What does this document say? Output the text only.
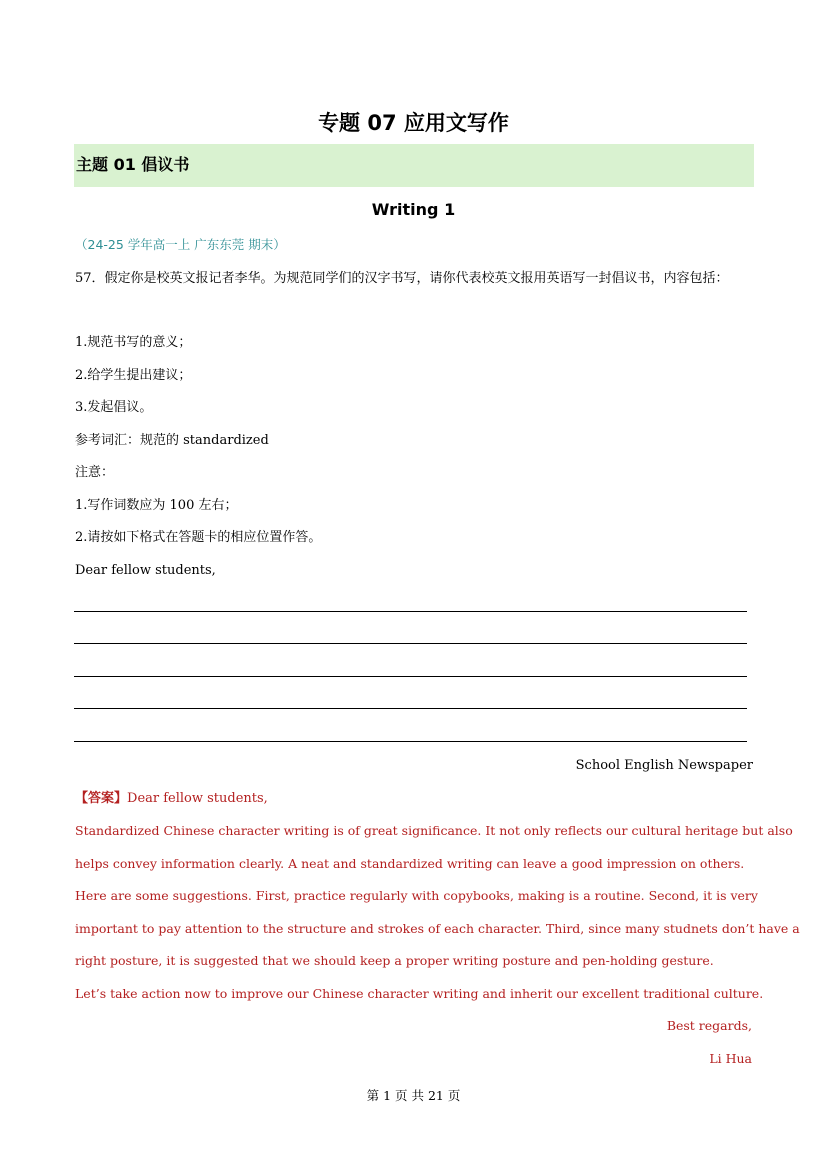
专题 07 应用文写作
主题 01 倡议书
Writing 1
（24-25 学年高一上 广东东莞 期末）
57．假定你是校英文报记者李华。为规范同学们的汉字书写，请你代表校英文报用英语写一封倡议书，内容包括：
1.规范书写的意义；
2.给学生提出建议；
3.发起倡议。
参考词汇：规范的 standardized
注意：
1.写作词数应为 100 左右；
2.请按如下格式在答题卡的相应位置作答。
Dear fellow students,
School English Newspaper
【答案】Dear fellow students,
Standardized Chinese character writing is of great significance. It not only reflects our cultural heritage but also
helps convey information clearly. A neat and standardized writing can leave a good impression on others.
Here are some suggestions. First, practice regularly with copybooks, making is a routine. Second, it is very
important to pay attention to the structure and strokes of each character. Third, since many studnets don’t have a
right posture, it is suggested that we should keep a proper writing posture and pen-holding gesture.
Let’s take action now to improve our Chinese character writing and inherit our excellent traditional culture.
Best regards,
Li Hua
第 1 页 共 21 页
